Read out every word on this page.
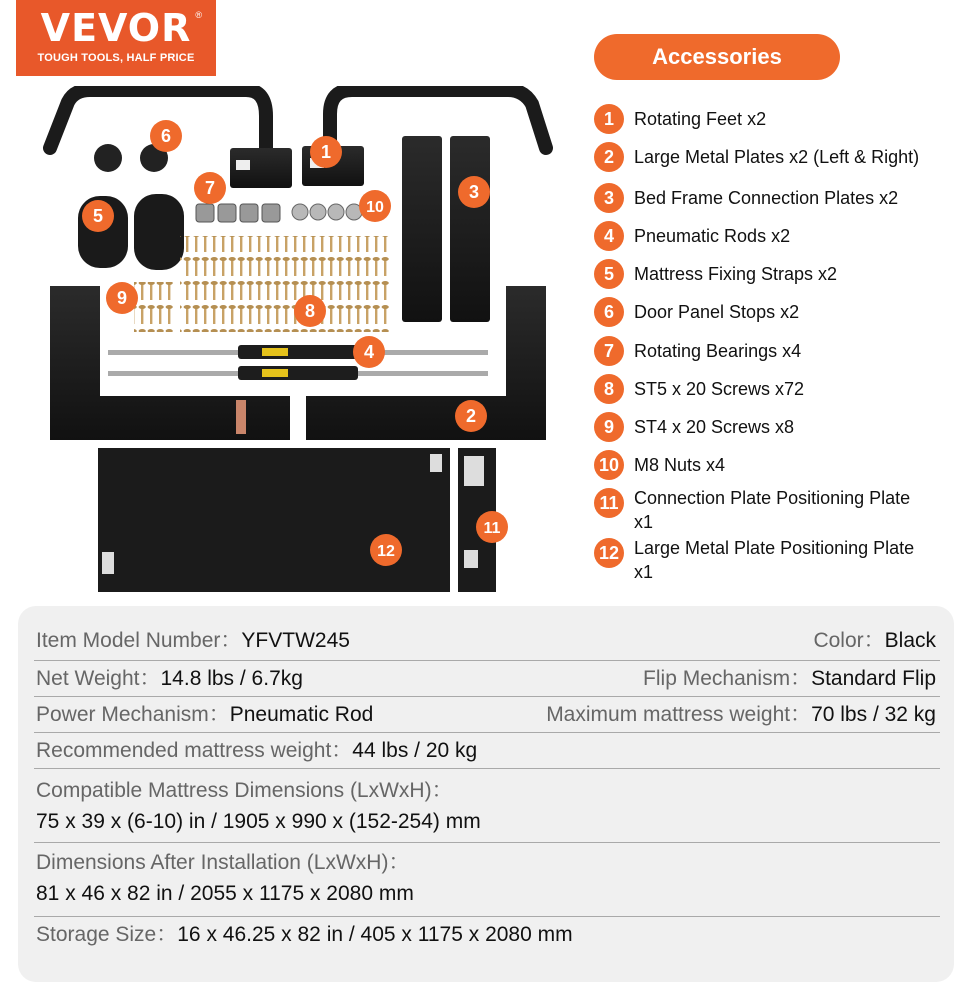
VEVOR ®
TOUGH TOOLS, HALF PRICE	Accessories
1	Rotating Feet x2
2	Large Metal Plates x2 (Left & Right)
3	Bed Frame Connection Plates x2
4	Pneumatic Rods x2
5	Mattress Fixing Straps x2
6	Door Panel Stops x2
7	Rotating Bearings x4
8	ST5 x 20 Screws x72
9	ST4 x 20 Screws x8
10 M8 Nuts x4
11 Connection Plate Positioning Plate x1
12 Large Metal Plate Positioning Plate x1
1
2
3
4
5
6
7
8
9
10
11
12
Item Model Number：YFVTW245	Color：Black
Net Weight：14.8 lbs / 6.7kg	Flip Mechanism：Standard Flip
Power Mechanism：Pneumatic Rod	Maximum mattress weight：70 lbs / 32 kg
Recommended mattress weight：44 lbs / 20 kg
Compatible Mattress Dimensions (LxWxH)：
75 x 39 x (6-10) in / 1905 x 990 x (152-254) mm
Dimensions After Installation (LxWxH)：
81 x 46 x 82 in / 2055 x 1175 x 2080 mm
Storage Size：16 x 46.25 x 82 in / 405 x 1175 x 2080 mm
